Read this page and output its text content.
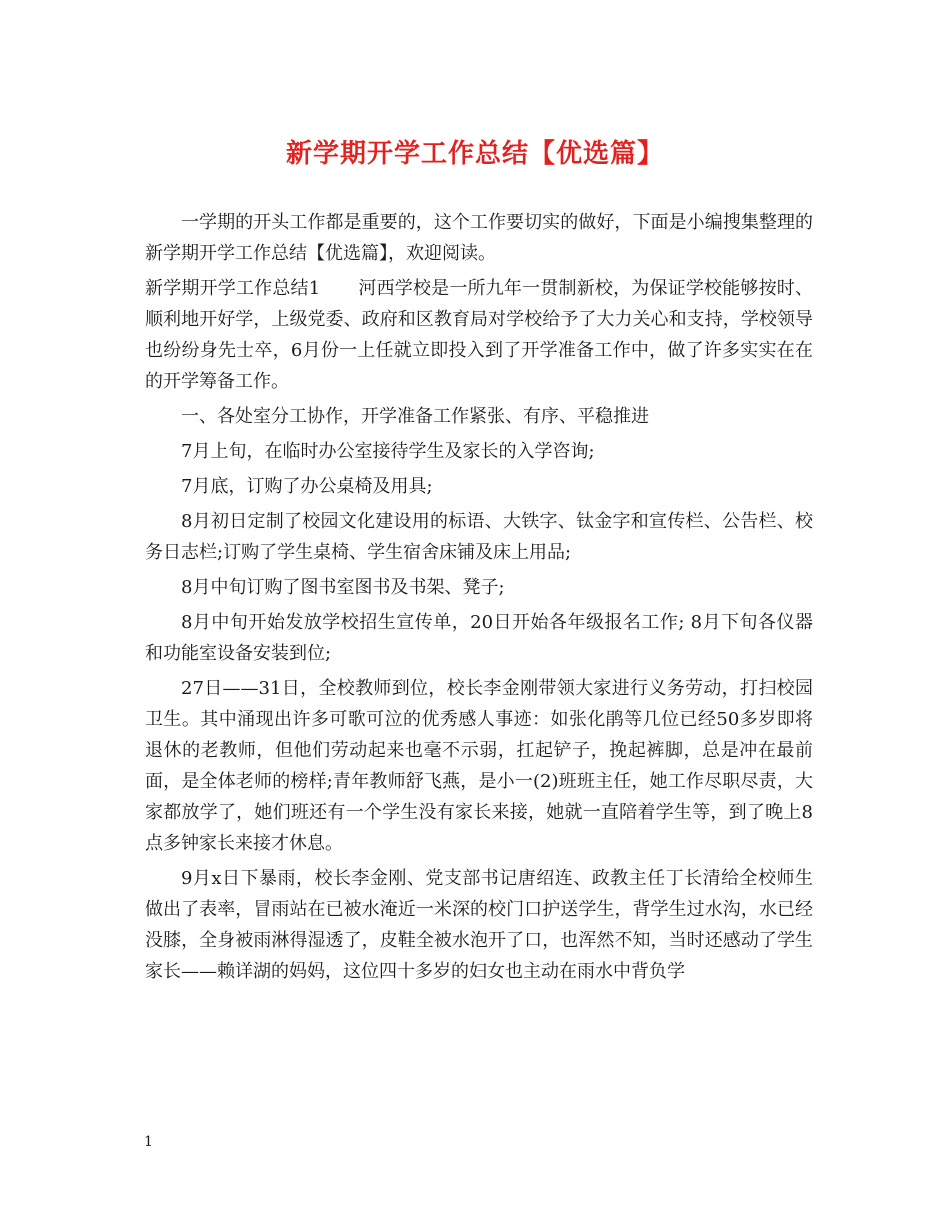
新学期开学工作总结【优选篇】

一学期的开头工作都是重要的，这个工作要切实的做好，下面是小编搜集整理的新学期开学工作总结【优选篇】，欢迎阅读。

新学期开学工作总结1 河西学校是一所九年一贯制新校，为保证学校能够按时、顺利地开好学，上级党委、政府和区教育局对学校给予了大力关心和支持，学校领导也纷纷身先士卒，6月份一上任就立即投入到了开学准备工作中，做了许多实实在在的开学筹备工作。

一、各处室分工协作，开学准备工作紧张、有序、平稳推进

7月上旬，在临时办公室接待学生及家长的入学咨询;

7月底，订购了办公桌椅及用具;

8月初日定制了校园文化建设用的标语、大铁字、钛金字和宣传栏、公告栏、校务日志栏;订购了学生桌椅、学生宿舍床铺及床上用品;

8月中旬订购了图书室图书及书架、凳子;

8月中旬开始发放学校招生宣传单，20日开始各年级报名工作; 8月下旬各仪器和功能室设备安装到位;

27日——31日，全校教师到位，校长李金刚带领大家进行义务劳动，打扫校园卫生。其中涌现出许多可歌可泣的优秀感人事迹：如张化鹃等几位已经50多岁即将退休的老教师，但他们劳动起来也毫不示弱，扛起铲子，挽起裤脚，总是冲在最前面，是全体老师的榜样;青年教师舒飞燕，是小一(2)班班主任，她工作尽职尽责，大家都放学了，她们班还有一个学生没有家长来接，她就一直陪着学生等，到了晚上8点多钟家长来接才休息。

9月x日下暴雨，校长李金刚、党支部书记唐绍连、政教主任丁长清给全校师生做出了表率，冒雨站在已被水淹近一米深的校门口护送学生，背学生过水沟，水已经没膝，全身被雨淋得湿透了，皮鞋全被水泡开了口，也浑然不知，当时还感动了学生家长——赖详湖的妈妈，这位四十多岁的妇女也主动在雨水中背负学

1
